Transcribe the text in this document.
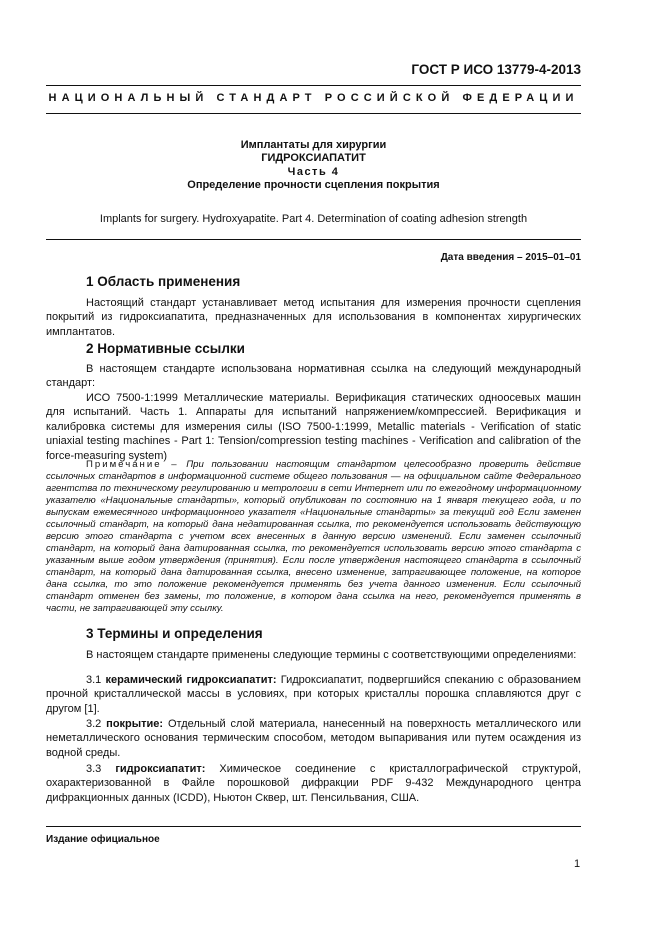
ГОСТ Р ИСО 13779-4-2013
НАЦИОНАЛЬНЫЙ СТАНДАРТ РОССИЙСКОЙ ФЕДЕРАЦИИ
Имплантаты для хирургии
ГИДРОКСИАПАТИТ
Часть 4
Определение прочности сцепления покрытия
Implants for surgery. Hydroxyapatite. Part 4. Determination of coating adhesion strength
Дата введения – 2015–01–01
1 Область применения

Настоящий стандарт устанавливает метод испытания для измерения прочности сцепления покрытий из гидроксиапатита, предназначенных для использования в компонентах хирургических имплантатов.

2 Нормативные ссылки

В настоящем стандарте использована нормативная ссылка на следующий международный стандарт:

ИСО 7500-1:1999 Металлические материалы. Верификация статических одноосевых машин для испытаний. Часть 1. Аппараты для испытаний напряжением/компрессией. Верификация и калибровка системы для измерения силы (ISO 7500-1:1999, Metallic materials - Verification of static uniaxial testing machines - Part 1: Tension/compression testing machines - Verification and calibration of the force-measuring system)

Примечание – При пользовании настоящим стандартом целесообразно проверить действие ссылочных стандартов в информационной системе общего пользования — на официальном сайте Федерального агентства по техническому регулированию и метрологии в сети Интернет или по ежегодному информационному указателю «Национальные стандарты», который опубликован по состоянию на 1 января текущего года, и по выпускам ежемесячного информационного указателя «Национальные стандарты» за текущий год Если заменен ссылочный стандарт, на который дана недатированная ссылка, то рекомендуется использовать действующую версию этого стандарта с учетом всех внесенных в данную версию изменений. Если заменен ссылочный стандарт, на который дана датированная ссылка, то рекомендуется использовать версию этого стандарта с указанным выше годом утверждения (принятия). Если после утверждения настоящего стандарта в ссылочный стандарт, на который дана датированная ссылка, внесено изменение, затрагивающее положение, на которое дана ссылка, то это положение рекомендуется применять без учета данного изменения. Если ссылочный стандарт отменен без замены, то положение, в котором дана ссылка на него, рекомендуется применять в части, не затрагивающей эту ссылку.

3 Термины и определения

В настоящем стандарте применены следующие термины с соответствующими определениями:

3.1 керамический гидроксиапатит: Гидроксиапатит, подвергшийся спеканию с образованием прочной кристаллической массы в условиях, при которых кристаллы порошка сплавляются друг с другом [1].

3.2 покрытие: Отдельный слой материала, нанесенный на поверхность металлического или неметаллического основания термическим способом, методом выпаривания или путем осаждения из водной среды.

3.3 гидроксиапатит: Химическое соединение с кристаллографической структурой, охарактеризованной в Файле порошковой дифракции PDF 9-432 Международного центра дифракционных данных (ICDD), Ньютон Сквер, шт. Пенсильвания, США.

Издание официальное
1
